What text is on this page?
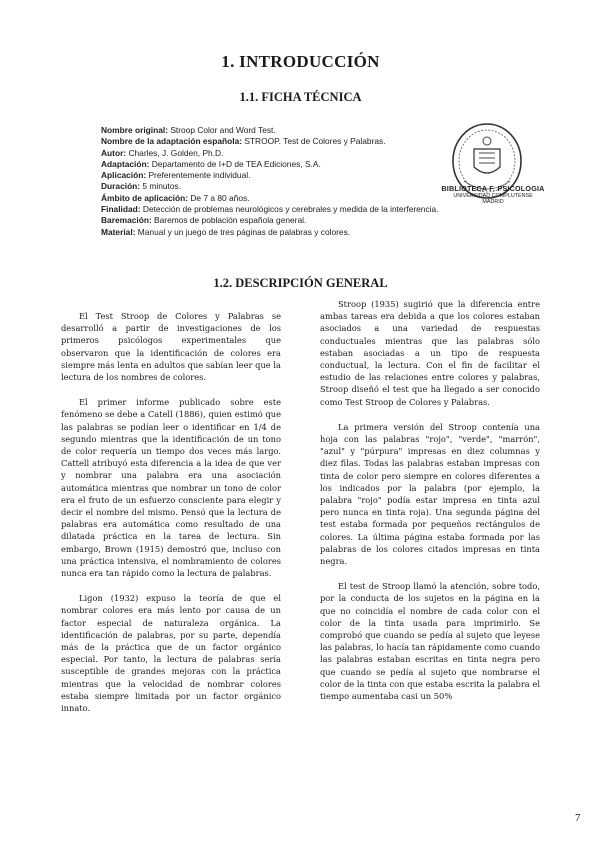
1. INTRODUCCIÓN
1.1. FICHA TÉCNICA
Nombre original: Stroop Color and Word Test.
Nombre de la adaptación española: STROOP. Test de Colores y Palabras.
Autor: Charles, J. Golden, Ph.D.
Adaptación: Departamento de I+D de TEA Ediciones, S.A.
Aplicación: Preferentemente individual.
Duración: 5 minutos.
Ámbito de aplicación: De 7 a 80 años.
Finalidad: Detección de problemas neurológicos y cerebrales y medida de la interferencia.
Baremación: Baremos de población española general.
Material: Manual y un juego de tres páginas de palabras y colores.
BIBLIOTECA F. PSICOLOGIA
UNIVERSIDAD COMPLUTENSE
MADRID
1.2. DESCRIPCIÓN GENERAL

El Test Stroop de Colores y Palabras se desarrolló a partir de investigaciones de los primeros psicólogos experimentales que observaron que la identificación de colores era siempre más lenta en adultos que sabían leer que la lectura de los nombres de colores.

El primer informe publicado sobre este fenómeno se debe a Catell (1886), quien estimó que las palabras se podían leer o identificar en 1/4 de segundo mientras que la identificación de un tono de color requería un tiempo dos veces más largo. Cattell atribuyó esta diferencia a la idea de que ver y nombrar una palabra era una asociación automática mientras que nombrar un tono de color era el fruto de un esfuerzo consciente para elegir y decir el nombre del mismo. Pensó que la lectura de palabras era automática como resultado de una dilatada práctica en la tarea de lectura. Sin embargo, Brown (1915) demostró que, incluso con una práctica intensiva, el nombramiento de colores nunca era tan rápido como la lectura de palabras.

Ligon (1932) expuso la teoría de que el nombrar colores era más lento por causa de un factor especial de naturaleza orgánica. La identificación de palabras, por su parte, dependía más de la práctica que de un factor orgánico especial. Por tanto, la lectura de palabras sería susceptible de grandes mejoras con la práctica mientras que la velocidad de nombrar colores estaba siempre limitada por un factor orgánico innato.

Stroop (1935) sugirió que la diferencia entre ambas tareas era debida a que los colores estaban asociados a una variedad de respuestas conductuales mientras que las palabras sólo estaban asociadas a un tipo de respuesta conductual, la lectura. Con el fin de facilitar el estudio de las relaciones entre colores y palabras, Stroop diseñó el test que ha llegado a ser conocido como Test Stroop de Colores y Palabras.

La primera versión del Stroop contenía una hoja con las palabras "rojo", "verde", "marrón", "azul" y "púrpura" impresas en diez columnas y diez filas. Todas las palabras estaban impresas con tinta de color pero siempre en colores diferentes a los indicados por la palabra (por ejemplo, la palabra "rojo" podía estar impresa en tinta azul pero nunca en tinta roja). Una segunda página del test estaba formada por pequeños rectángulos de colores. La última página estaba formada por las palabras de los colores citados impresas en tinta negra.

El test de Stroop llamó la atención, sobre todo, por la conducta de los sujetos en la página en la que no coincidía el nombre de cada color con el color de la tinta usada para imprimirlo. Se comprobó que cuando se pedía al sujeto que leyese las palabras, lo hacía tan rápidamente como cuando las palabras estaban escritas en tinta negra pero que cuando se pedía al sujeto que nombrarse el color de la tinta con que estaba escrita la palabra el tiempo aumentaba casi un 50%

7
